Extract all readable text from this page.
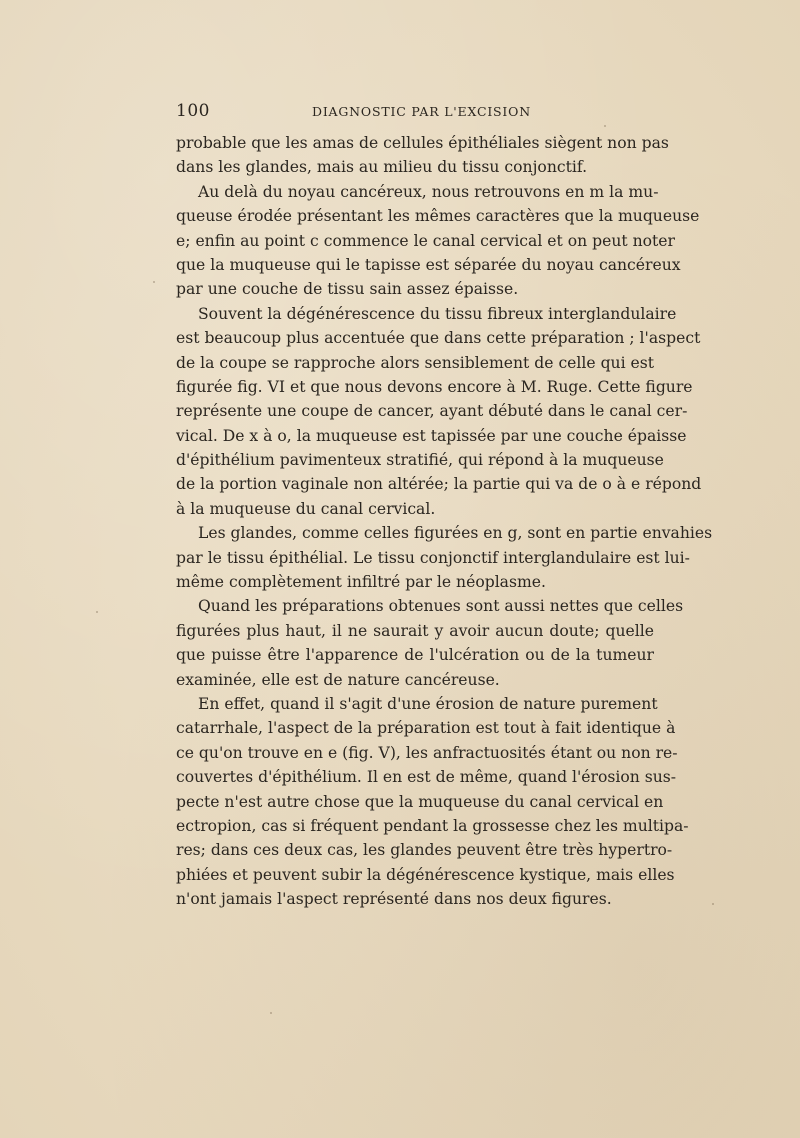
100	DIAGNOSTIC PAR L'EXCISION
probable que les amas de cellules épithéliales siègent non pas
dans les glandes, mais au milieu du tissu conjonctif.
Au delà du noyau cancéreux, nous retrouvons en m la mu-
queuse érodée présentant les mêmes caractères que la muqueuse
e; enfin au point c commence le canal cervical et on peut noter
que la muqueuse qui le tapisse est séparée du noyau cancéreux
par une couche de tissu sain assez épaisse.
Souvent la dégénérescence du tissu fibreux interglandulaire
est beaucoup plus accentuée que dans cette préparation ; l'aspect
de la coupe se rapproche alors sensiblement de celle qui est
figurée fig. VI et que nous devons encore à M. Ruge. Cette figure
représente une coupe de cancer, ayant débuté dans le canal cer-
vical. De x à o, la muqueuse est tapissée par une couche épaisse
d'épithélium pavimenteux stratifié, qui répond à la muqueuse
de la portion vaginale non altérée; la partie qui va de o à e répond
à la muqueuse du canal cervical.
Les glandes, comme celles figurées en g, sont en partie envahies
par le tissu épithélial. Le tissu conjonctif interglandulaire est lui-
même complètement infiltré par le néoplasme.
Quand les préparations obtenues sont aussi nettes que celles
figurées plus haut, il ne saurait y avoir aucun doute; quelle
que puisse être l'apparence de l'ulcération ou de la tumeur
examinée, elle est de nature cancéreuse.
En effet, quand il s'agit d'une érosion de nature purement
catarrhale, l'aspect de la préparation est tout à fait identique à
ce qu'on trouve en e (fig. V), les anfractuosités étant ou non re-
couvertes d'épithélium. Il en est de même, quand l'érosion sus-
pecte n'est autre chose que la muqueuse du canal cervical en
ectropion, cas si fréquent pendant la grossesse chez les multipa-
res; dans ces deux cas, les glandes peuvent être très hypertro-
phiées et peuvent subir la dégénérescence kystique, mais elles
n'ont jamais l'aspect représenté dans nos deux figures.
